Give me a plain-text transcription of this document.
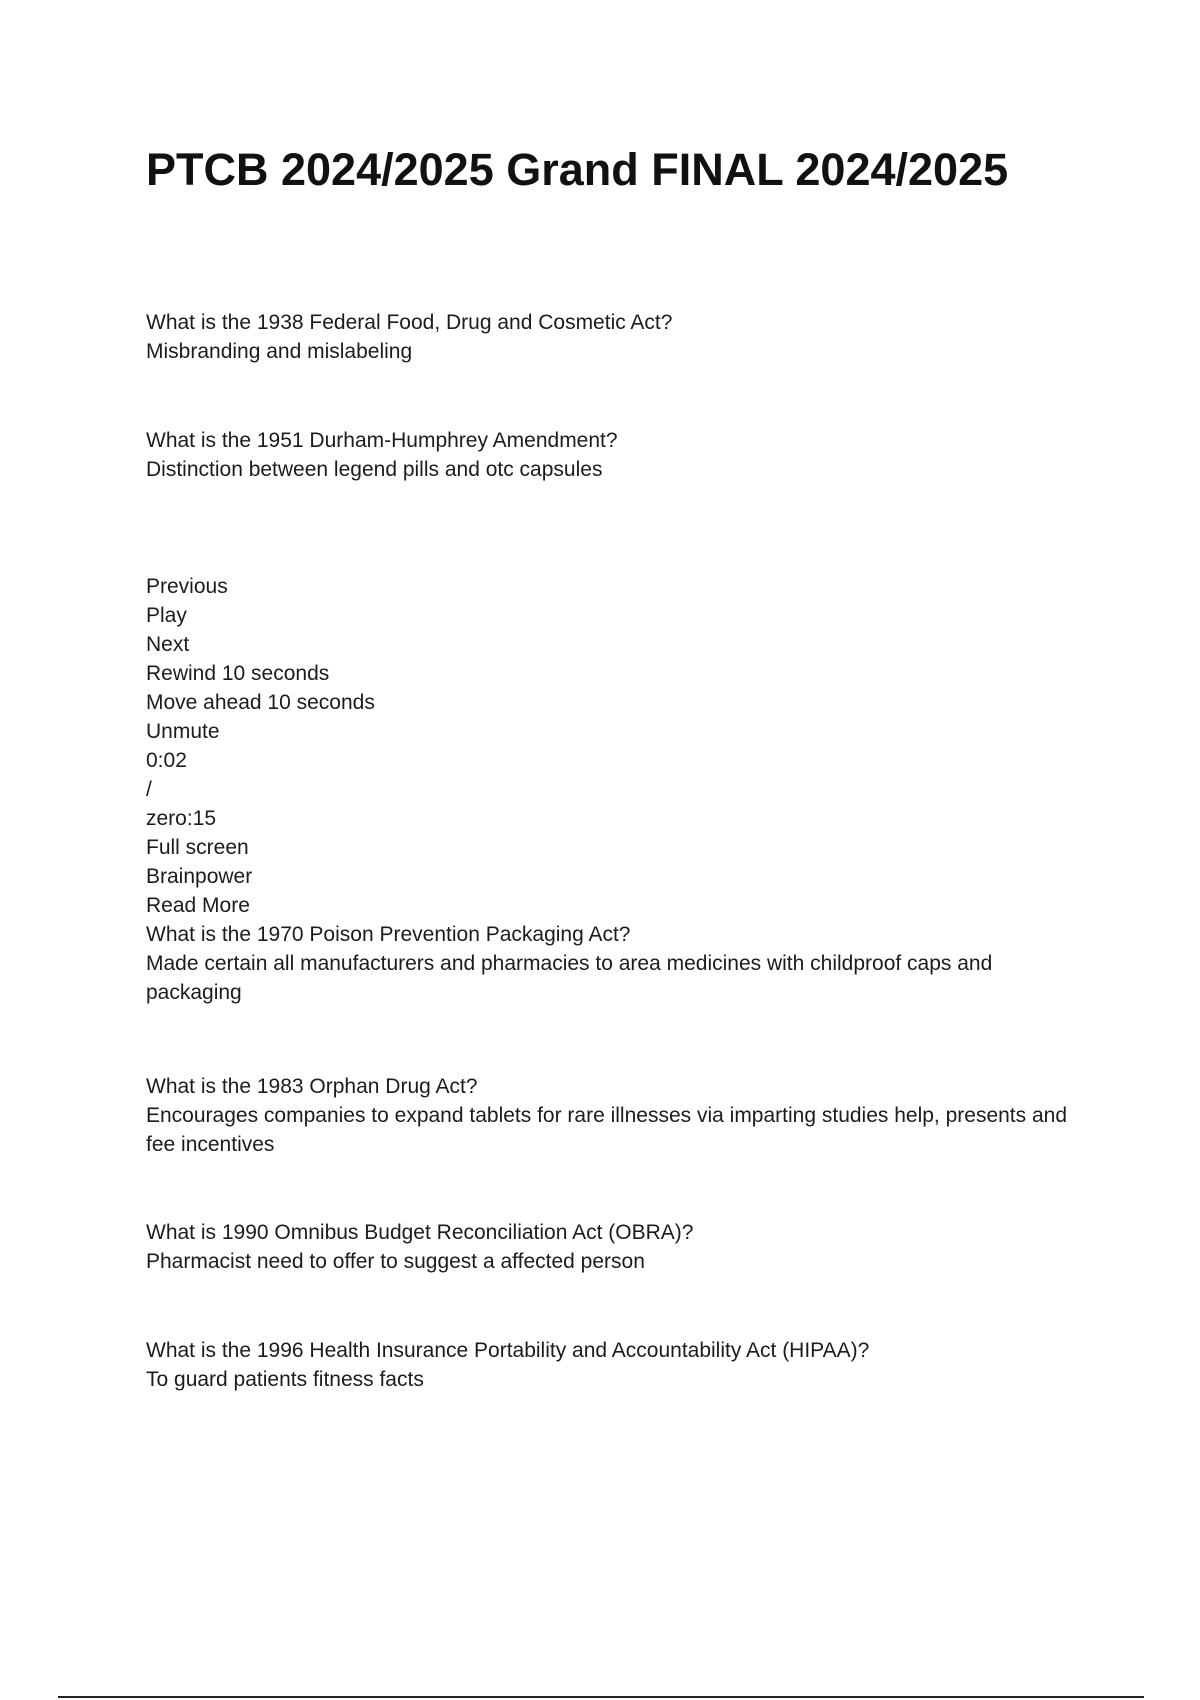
PTCB 2024/2025 Grand FINAL 2024/2025
What is the 1938 Federal Food, Drug and Cosmetic Act?
Misbranding and mislabeling
What is the 1951 Durham-Humphrey Amendment?
Distinction between legend pills and otc capsules
Previous
Play
Next
Rewind 10 seconds
Move ahead 10 seconds
Unmute
0:02
/
zero:15
Full screen
Brainpower
Read More
What is the 1970 Poison Prevention Packaging Act?
Made certain all manufacturers and pharmacies to area medicines with childproof caps and packaging
What is the 1983 Orphan Drug Act?
Encourages companies to expand tablets for rare illnesses via imparting studies help, presents and fee incentives
What is 1990 Omnibus Budget Reconciliation Act (OBRA)?
Pharmacist need to offer to suggest a affected person
What is the 1996 Health Insurance Portability and Accountability Act (HIPAA)?
To guard patients fitness facts
